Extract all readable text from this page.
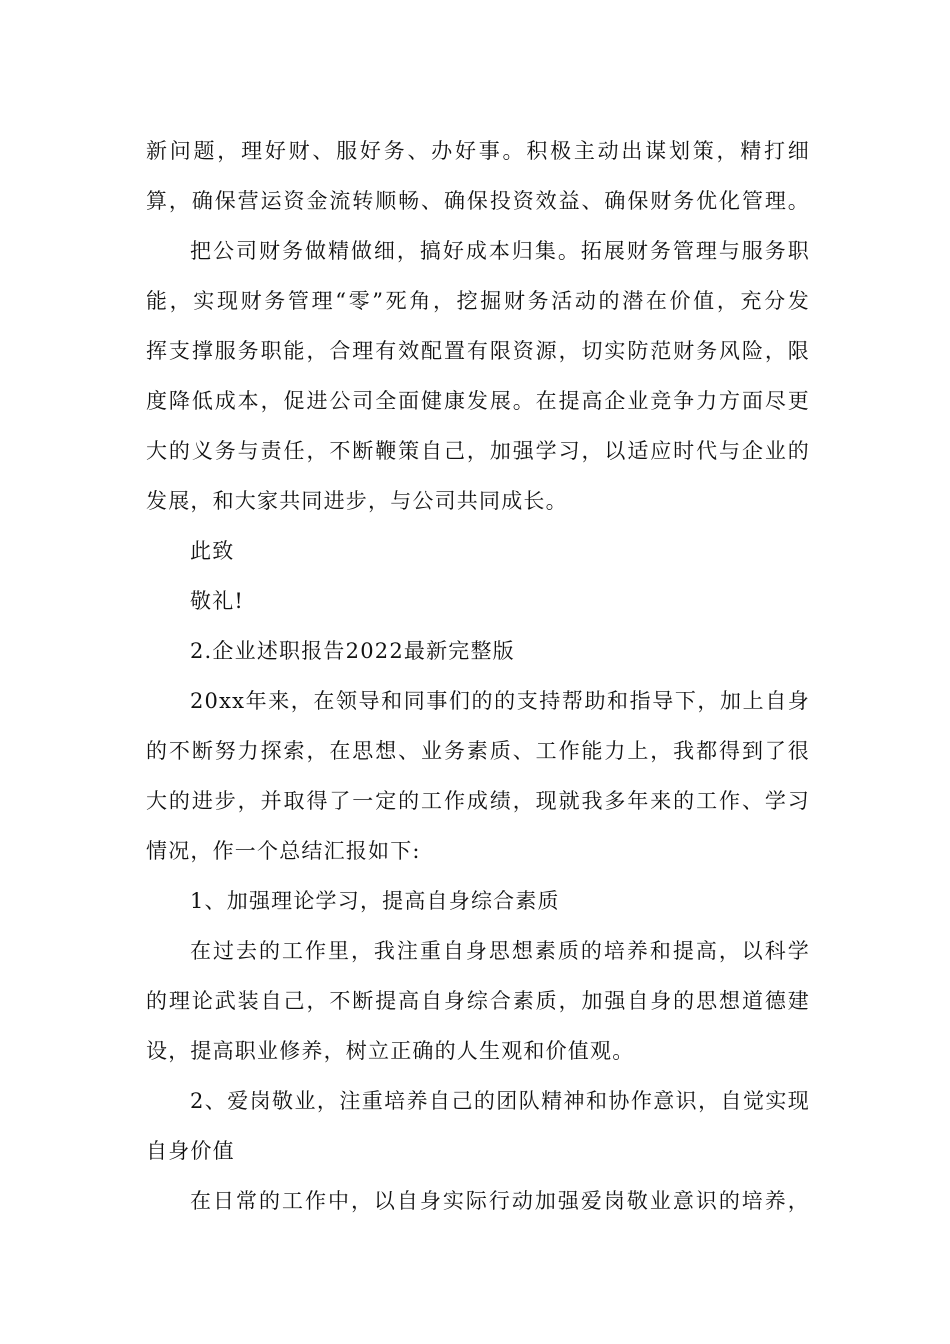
新问题，理好财、服好务、办好事。积极主动出谋划策，精打细
算，确保营运资金流转顺畅、确保投资效益、确保财务优化管理。
把公司财务做精做细，搞好成本归集。拓展财务管理与服务职
能，实现财务管理“零”死角，挖掘财务活动的潜在价值，充分发
挥支撑服务职能，合理有效配置有限资源，切实防范财务风险，限
度降低成本，促进公司全面健康发展。在提高企业竞争力方面尽更
大的义务与责任，不断鞭策自己，加强学习，以适应时代与企业的
发展，和大家共同进步，与公司共同成长。
此致
敬礼!
2.企业述职报告2022最新完整版
20xx年来，在领导和同事们的的支持帮助和指导下，加上自身
的不断努力探索，在思想、业务素质、工作能力上，我都得到了很
大的进步，并取得了一定的工作成绩，现就我多年来的工作、学习
情况，作一个总结汇报如下:
1、加强理论学习，提高自身综合素质
在过去的工作里，我注重自身思想素质的培养和提高，以科学
的理论武装自己，不断提高自身综合素质，加强自身的思想道德建
设，提高职业修养，树立正确的人生观和价值观。
2、爱岗敬业，注重培养自己的团队精神和协作意识，自觉实现
自身价值
在日常的工作中，以自身实际行动加强爱岗敬业意识的培养，
